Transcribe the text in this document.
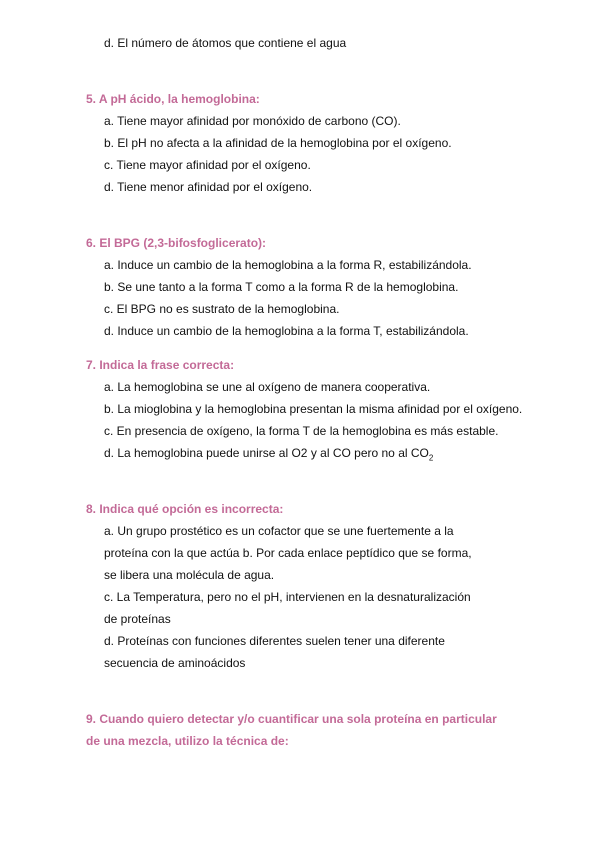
d. El número de átomos que contiene el agua
5. A pH ácido, la hemoglobina:
a. Tiene mayor afinidad por monóxido de carbono (CO).
b. El pH no afecta a la afinidad de la hemoglobina por el oxígeno.
c. Tiene mayor afinidad por el oxígeno.
d. Tiene menor afinidad por el oxígeno.
6. El BPG (2,3-bifosfoglicerato):
a. Induce un cambio de la hemoglobina a la forma R, estabilizándola.
b. Se une tanto a la forma T como a la forma R de la hemoglobina.
c. El BPG no es sustrato de la hemoglobina.
d. Induce un cambio de la hemoglobina a la forma T, estabilizándola.
7. Indica la frase correcta:
a. La hemoglobina se une al oxígeno de manera cooperativa.
b. La mioglobina y la hemoglobina presentan la misma afinidad por el oxígeno.
c. En presencia de oxígeno, la forma T de la hemoglobina es más estable.
d. La hemoglobina puede unirse al O2 y al CO pero no al $CO_2$
8. Indica qué opción es incorrecta:
a. Un grupo prostético es un cofactor que se une fuertemente a la
proteína con la que actúa b. Por cada enlace peptídico que se forma,
se libera una molécula de agua.
c. La Temperatura, pero no el pH, intervienen en la desnaturalización
de proteínas
d. Proteínas con funciones diferentes suelen tener una diferente
secuencia de aminoácidos
9. Cuando quiero detectar y/o cuantificar una sola proteína en particular
de una mezcla, utilizo la técnica de:
